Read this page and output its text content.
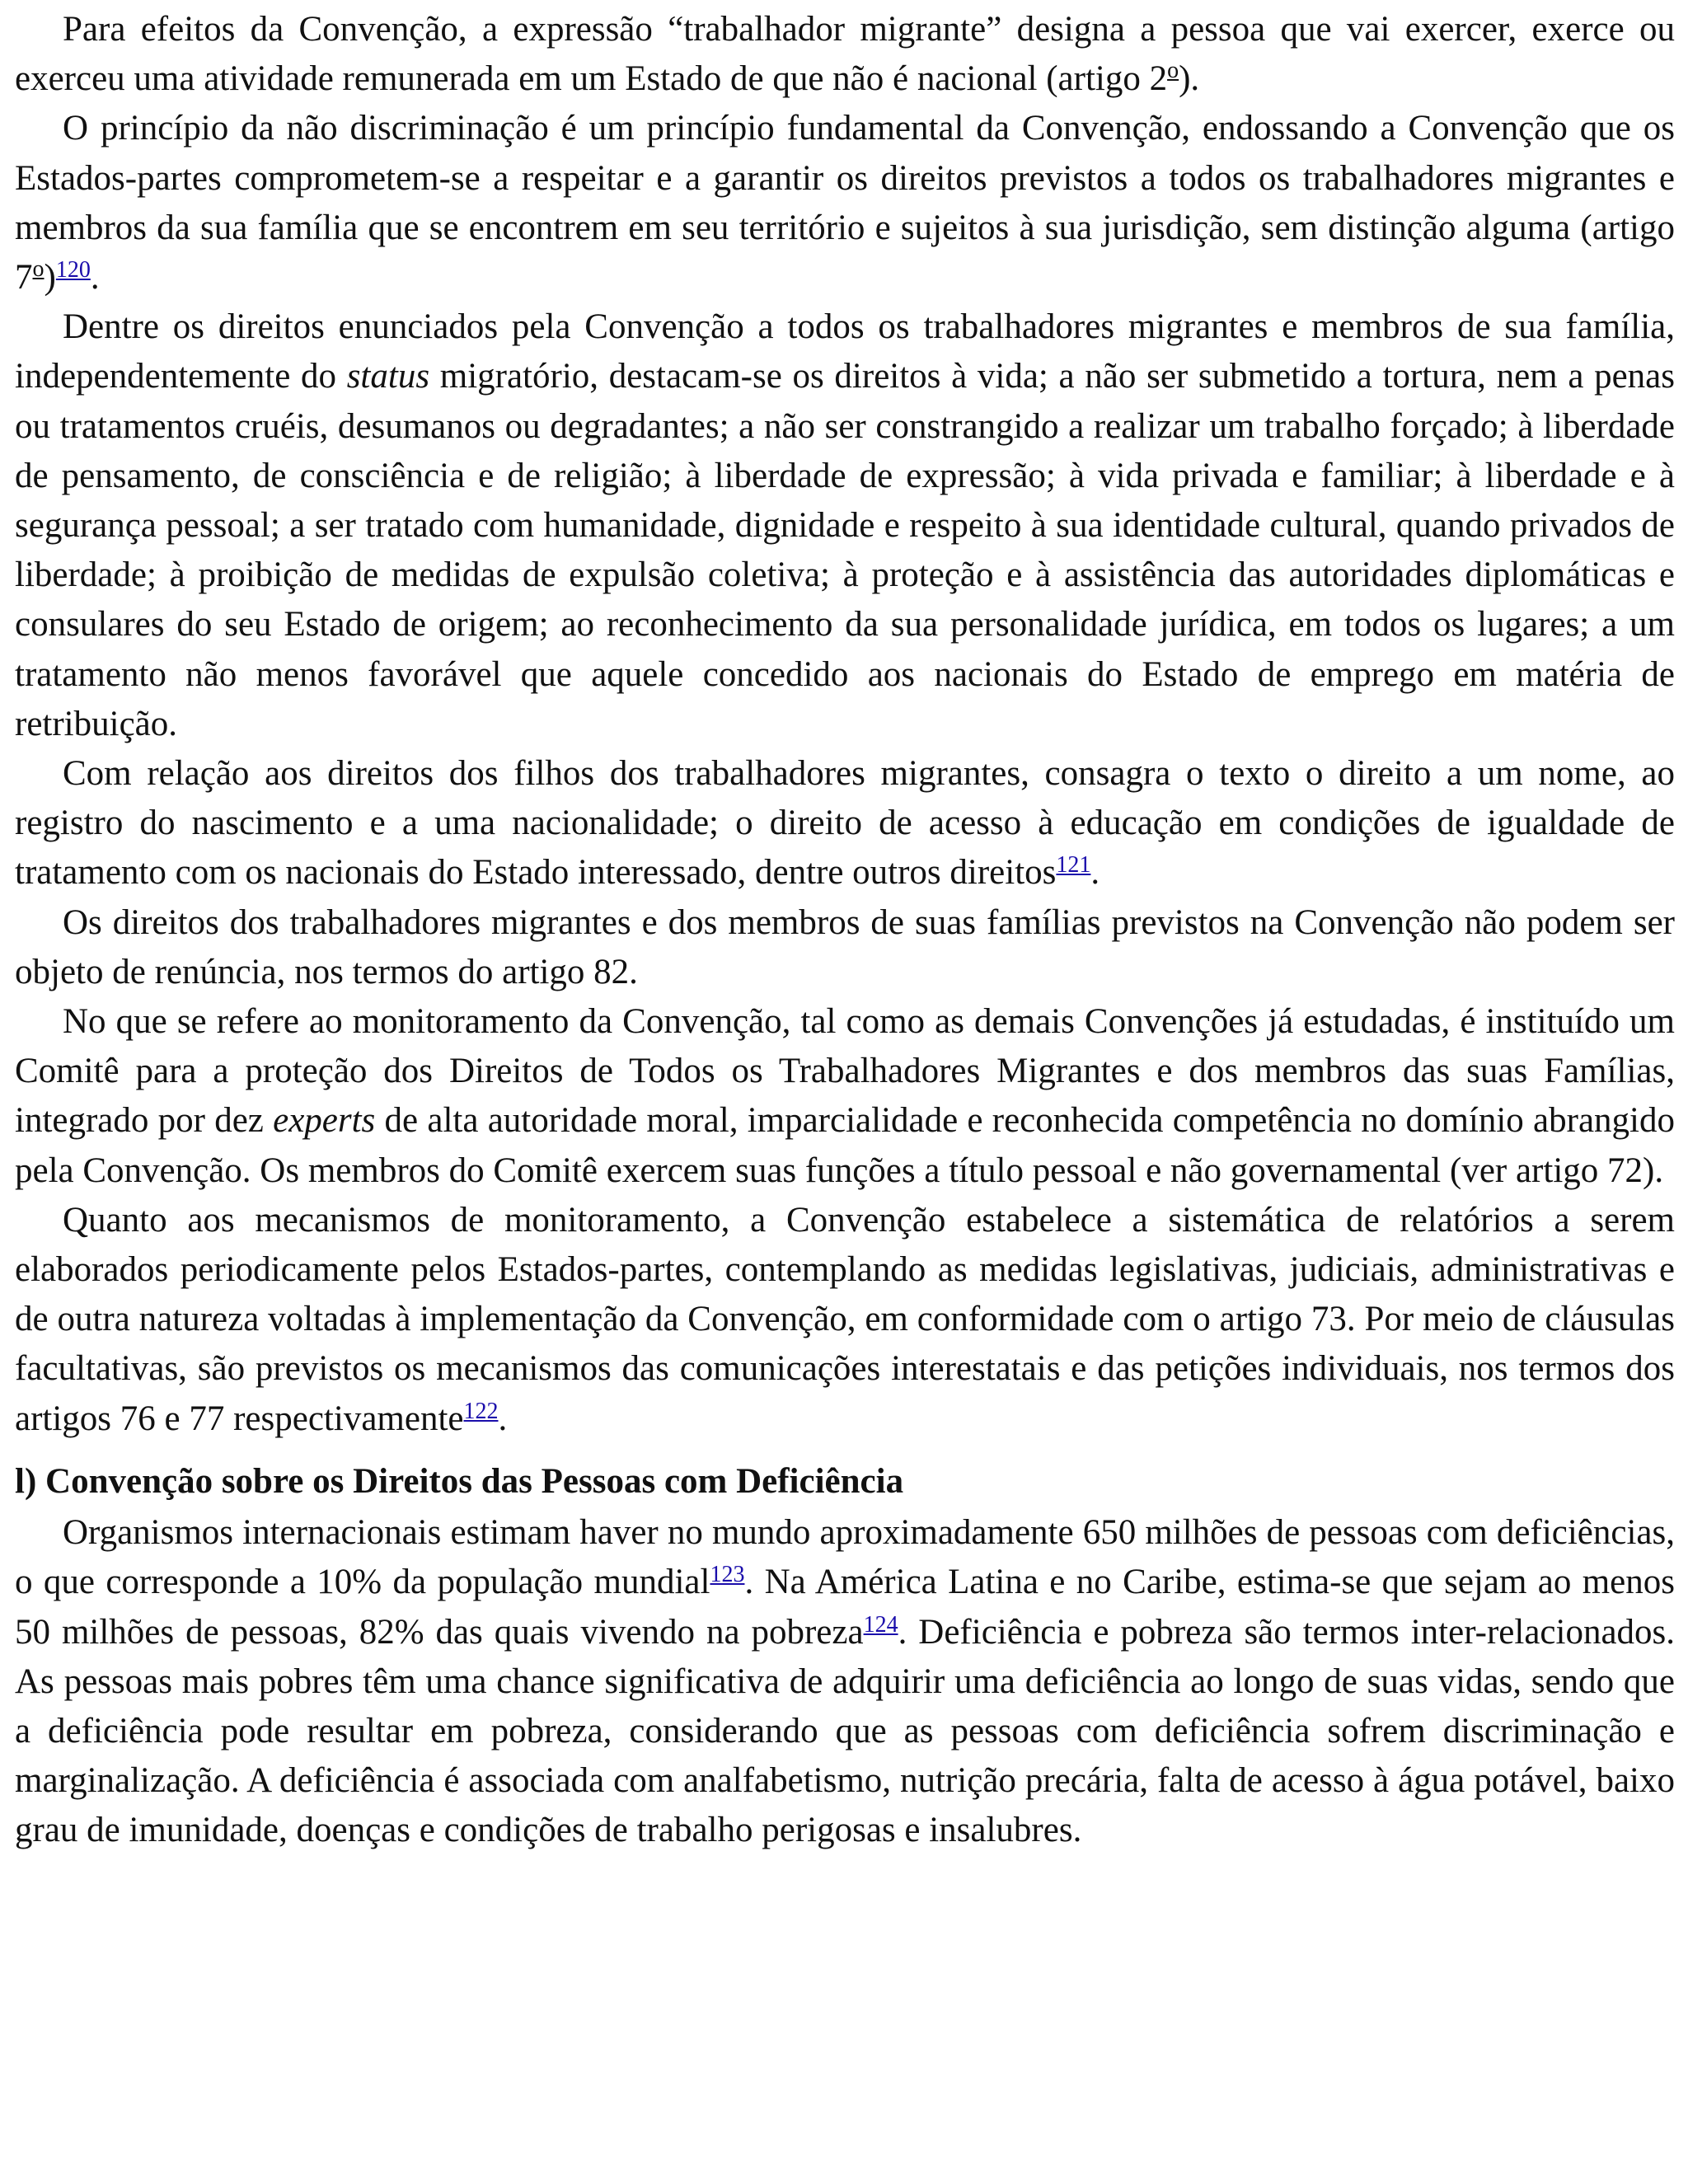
Para efeitos da Convenção, a expressão “trabalhador migrante” designa a pessoa que vai exercer, exerce ou exerceu uma atividade remunerada em um Estado de que não é nacional (artigo 2$^o$).

O princípio da não discriminação é um princípio fundamental da Convenção, endossando a Convenção que os Estados-partes comprometem-se a respeitar e a garantir os direitos previstos a todos os trabalhadores migrantes e membros da sua família que se encontrem em seu território e sujeitos à sua jurisdição, sem distinção alguma (artigo 7$^o$)$^{120}$.

Dentre os direitos enunciados pela Convenção a todos os trabalhadores migrantes e membros de sua família, independentemente do status migratório, destacam-se os direitos à vida; a não ser submetido a tortura, nem a penas ou tratamentos cruéis, desumanos ou degradantes; a não ser constrangido a realizar um trabalho forçado; à liberdade de pensamento, de consciência e de religião; à liberdade de expressão; à vida privada e familiar; à liberdade e à segurança pessoal; a ser tratado com humanidade, dignidade e respeito à sua identidade cultural, quando privados de liberdade; à proibição de medidas de expulsão coletiva; à proteção e à assistência das autoridades diplomáticas e consulares do seu Estado de origem; ao reconhecimento da sua personalidade jurídica, em todos os lugares; a um tratamento não menos favorável que aquele concedido aos nacionais do Estado de emprego em matéria de retribuição.

Com relação aos direitos dos filhos dos trabalhadores migrantes, consagra o texto o direito a um nome, ao registro do nascimento e a uma nacionalidade; o direito de acesso à educação em condições de igualdade de tratamento com os nacionais do Estado interessado, dentre outros direitos$^{121}$.

Os direitos dos trabalhadores migrantes e dos membros de suas famílias previstos na Convenção não podem ser objeto de renúncia, nos termos do artigo 82.

No que se refere ao monitoramento da Convenção, tal como as demais Convenções já estudadas, é instituído um Comitê para a proteção dos Direitos de Todos os Trabalhadores Migrantes e dos membros das suas Famílias, integrado por dez experts de alta autoridade moral, imparcialidade e reconhecida competência no domínio abrangido pela Convenção. Os membros do Comitê exercem suas funções a título pessoal e não governamental (ver artigo 72).

Quanto aos mecanismos de monitoramento, a Convenção estabelece a sistemática de relatórios a serem elaborados periodicamente pelos Estados-partes, contemplando as medidas legislativas, judiciais, administrativas e de outra natureza voltadas à implementação da Convenção, em conformidade com o artigo 73. Por meio de cláusulas facultativas, são previstos os mecanismos das comunicações interestatais e das petições individuais, nos termos dos artigos 76 e 77 respectivamente$^{122}$.

l) Convenção sobre os Direitos das Pessoas com Deficiência

Organismos internacionais estimam haver no mundo aproximadamente 650 milhões de pessoas com deficiências, o que corresponde a 10% da população mundial$^{123}$. Na América Latina e no Caribe, estima-se que sejam ao menos 50 milhões de pessoas, 82% das quais vivendo na pobreza$^{124}$. Deficiência e pobreza são termos inter-relacionados. As pessoas mais pobres têm uma chance significativa de adquirir uma deficiência ao longo de suas vidas, sendo que a deficiência pode resultar em pobreza, considerando que as pessoas com deficiência sofrem discriminação e marginalização. A deficiência é associada com analfabetismo, nutrição precária, falta de acesso à água potável, baixo grau de imunidade, doenças e condições de trabalho perigosas e insalubres.
